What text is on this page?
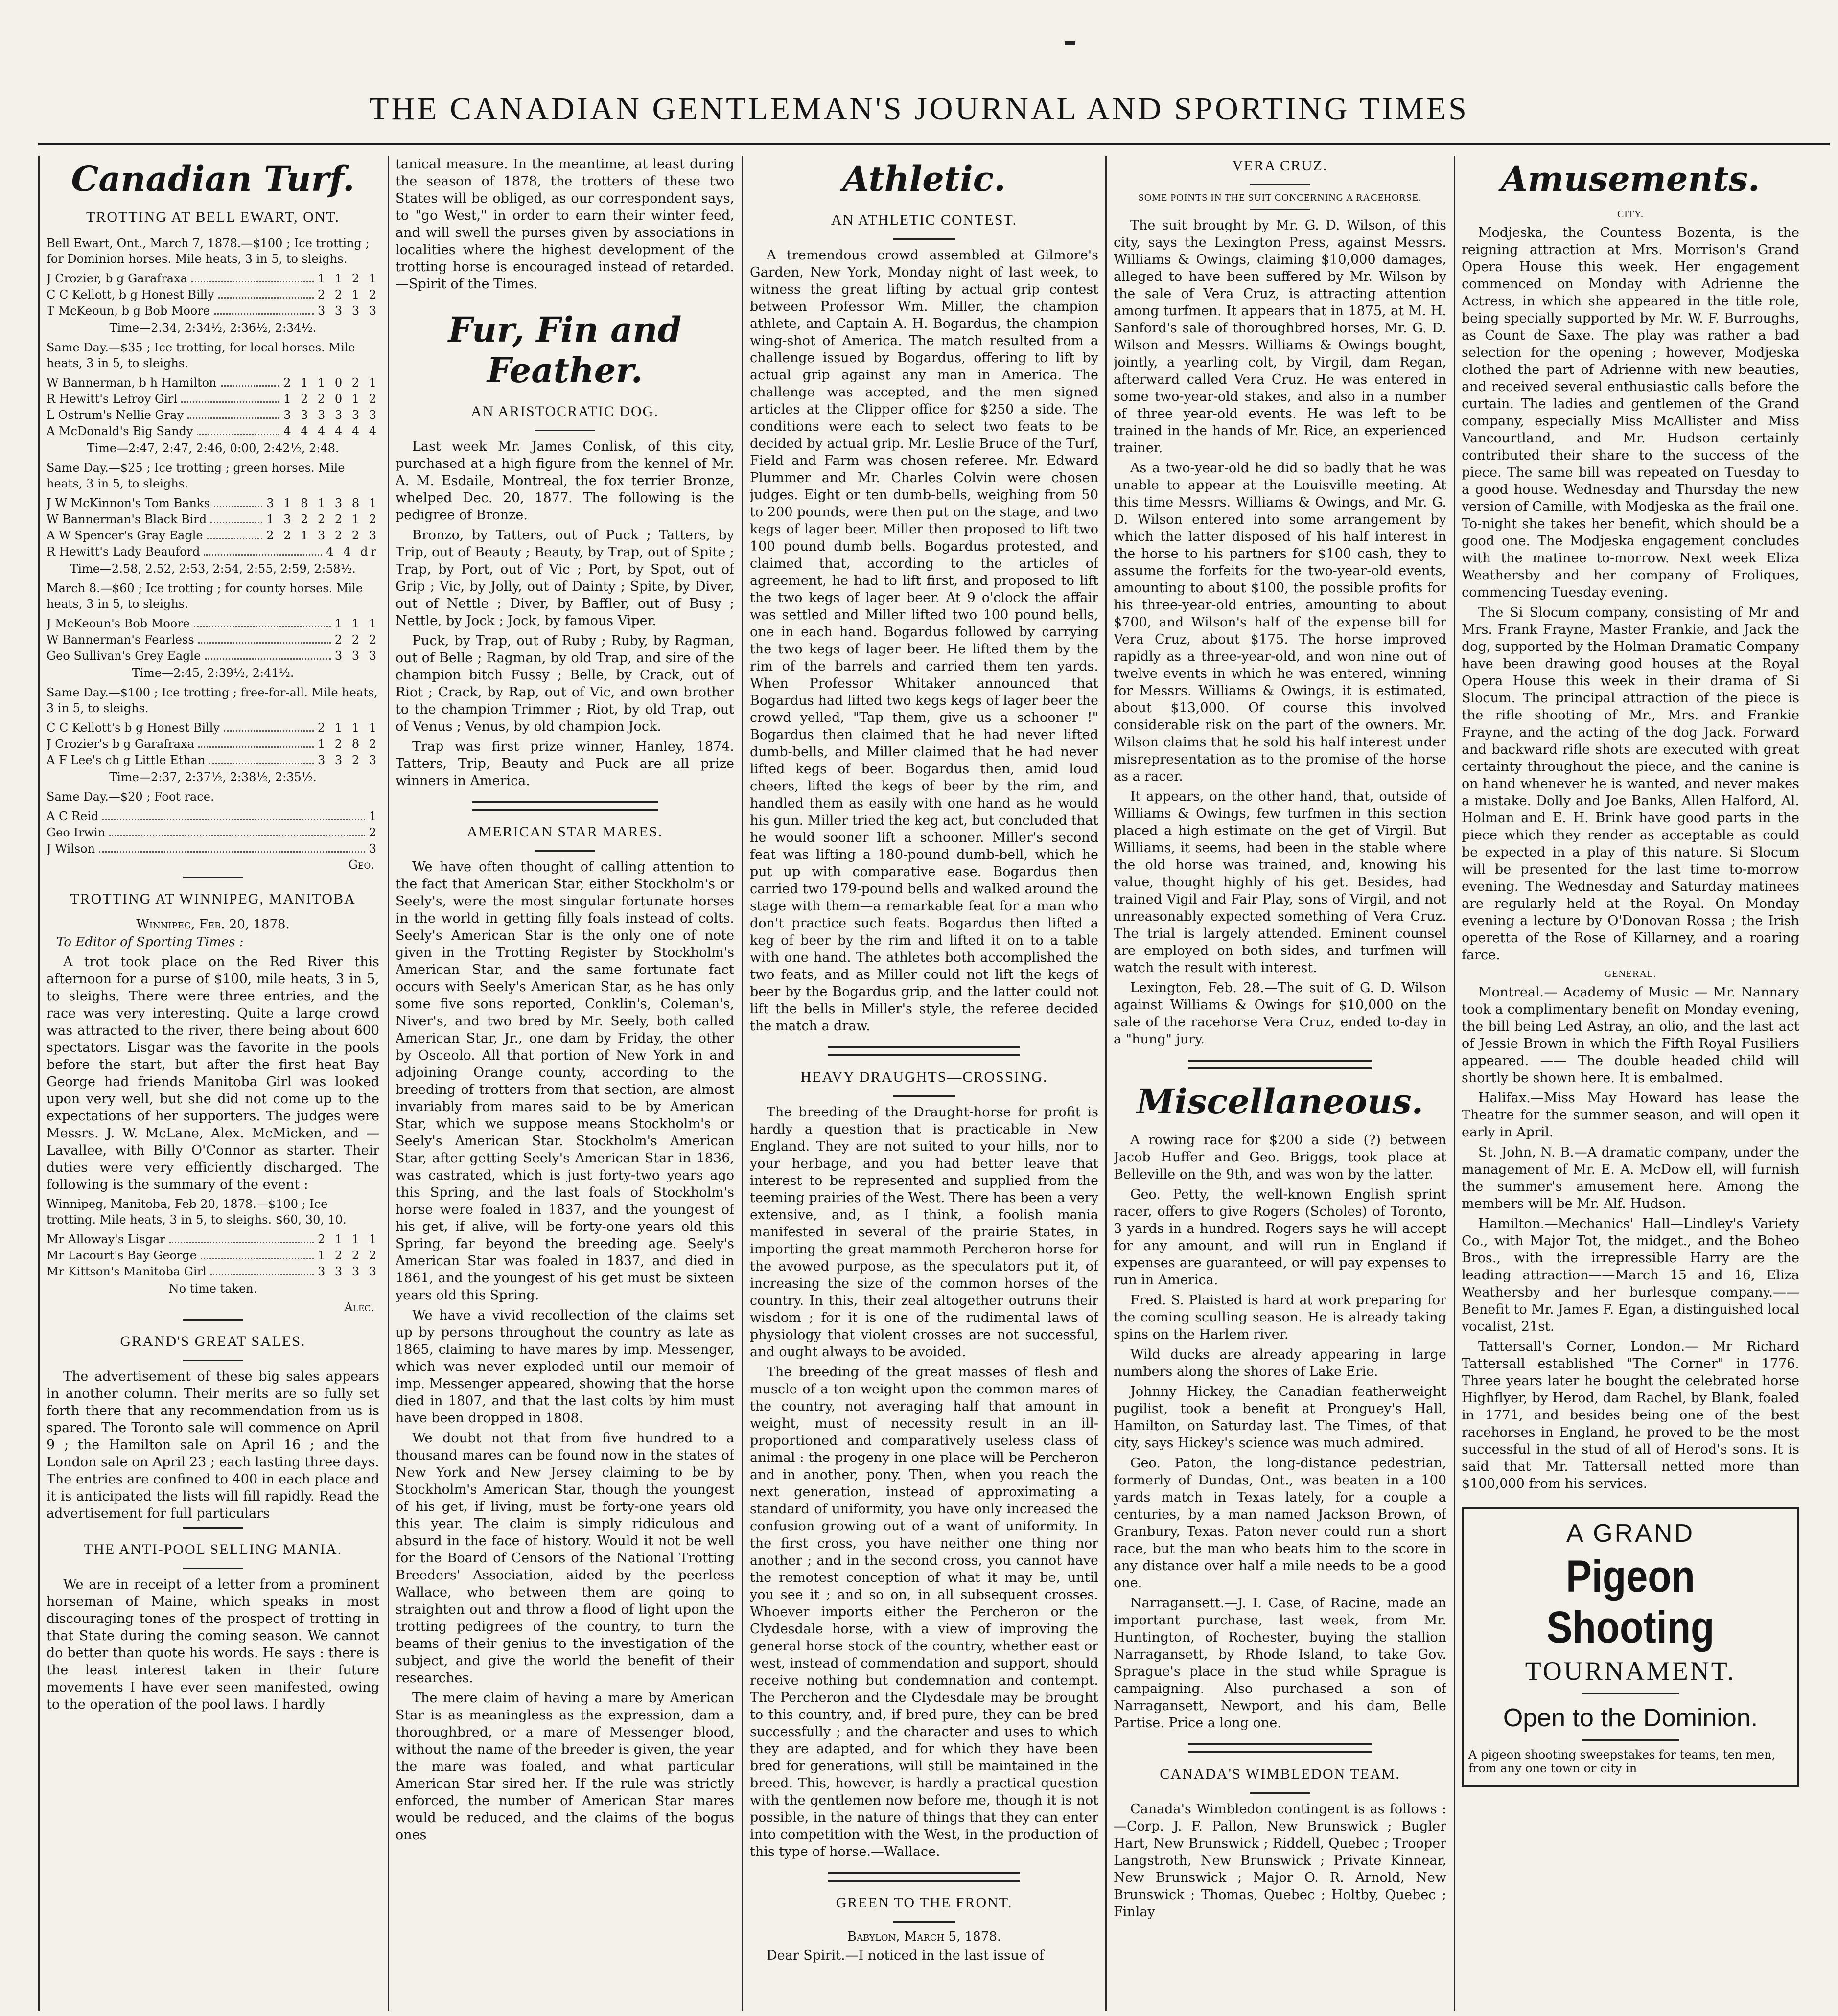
THE CANADIAN GENTLEMAN'S JOURNAL AND SPORTING TIMES
Canadian Turf.
TROTTING AT BELL EWART, ONT.
Bell Ewart, Ont., March 7, 1878.—$100 ; Ice trotting ; for Dominion horses. Mile heats, 3 in 5, to sleighs.
J Crozier, b g Garafraxa	1 1 2 1
C C Kellott, b g Honest Billy	2 2 1 2
T McKeoun, b g Bob Moore	3 3 3 3
Time—2.34, 2:34½, 2:36½, 2:34½.
Same Day.—$35 ; Ice trotting, for local horses. Mile heats, 3 in 5, to sleighs.
W Bannerman, b h Hamilton	2 1 1 0 2 1
R Hewitt's Lefroy Girl	1 2 2 0 1 2
L Ostrum's Nellie Gray	3 3 3 3 3 3
A McDonald's Big Sandy	4 4 4 4 4 4
Time—2:47, 2:47, 2:46, 0:00, 2:42½, 2:48.
Same Day.—$25 ; Ice trotting ; green horses. Mile heats, 3 in 5, to sleighs.
J W McKinnon's Tom Banks	3 1 8 1 3 8 1
W Bannerman's Black Bird	1 3 2 2 2 1 2
A W Spencer's Gray Eagle	2 2 1 3 2 2 3
R Hewitt's Lady Beauford	4 4 dr
Time—2.58, 2.52, 2:53, 2:54, 2:55, 2:59, 2:58½.
March 8.—$60 ; Ice trotting ; for county horses. Mile heats, 3 in 5, to sleighs.
J McKeoun's Bob Moore	1 1 1
W Bannerman's Fearless	2 2 2
Geo Sullivan's Grey Eagle	3 3 3
Time—2:45, 2:39½, 2:41½.
Same Day.—$100 ; Ice trotting ; free-for-all. Mile heats, 3 in 5, to sleighs.
C C Kellott's b g Honest Billy	2 1 1 1
J Crozier's b g Garafraxa	1 2 8 2
A F Lee's ch g Little Ethan	3 3 2 3
Time—2:37, 2:37½, 2:38½, 2:35½.
Same Day.—$20 ; Foot race.
A C Reid	1
Geo Irwin	2
J Wilson	3
Geo.
TROTTING AT WINNIPEG, MANITOBA
Winnipeg, Feb. 20, 1878.
To Editor of Sporting Times :

A trot took place on the Red River this afternoon for a purse of $100, mile heats, 3 in 5, to sleighs. There were three entries, and the race was very interesting. Quite a large crowd was attracted to the river, there being about 600 spectators. Lisgar was the favorite in the pools before the start, but after the first heat Bay George had friends Manitoba Girl was looked upon very well, but she did not come up to the expectations of her supporters. The judges were Messrs. J. W. McLane, Alex. McMicken, and — Lavallee, with Billy O'Connor as starter. Their duties were very efficiently discharged. The following is the summary of the event :

Winnipeg, Manitoba, Feb 20, 1878.—$100 ; Ice trotting. Mile heats, 3 in 5, to sleighs. $60, 30, 10.
Mr Alloway's Lisgar	2 1 1 1
Mr Lacourt's Bay George	1 2 2 2
Mr Kittson's Manitoba Girl	3 3 3 3
No time taken.
Alec.
GRAND'S GREAT SALES.

The advertisement of these big sales appears in another column. Their merits are so fully set forth there that any recommendation from us is spared. The Toronto sale will commence on April 9 ; the Hamilton sale on April 16 ; and the London sale on April 23 ; each lasting three days. The entries are confined to 400 in each place and it is anticipated the lists will fill rapidly. Read the advertisement for full particulars

THE ANTI-POOL SELLING MANIA.

We are in receipt of a letter from a prominent horseman of Maine, which speaks in most discouraging tones of the prospect of trotting in that State during the coming season. We cannot do better than quote his words. He says : there is the least interest taken in their future movements I have ever seen manifested, owing to the operation of the pool laws. I hardly

tanical measure. In the meantime, at least during the season of 1878, the trotters of these two States will be obliged, as our correspondent says, to "go West," in order to earn their winter feed, and will swell the purses given by associations in localities where the highest development of the trotting horse is encouraged instead of retarded.—Spirit of the Times.

Fur, Fin and Feather.
AN ARISTOCRATIC DOG.

Last week Mr. James Conlisk, of this city, purchased at a high figure from the kennel of Mr. A. M. Esdaile, Montreal, the fox terrier Bronze, whelped Dec. 20, 1877. The following is the pedigree of Bronze.

Bronzo, by Tatters, out of Puck ; Tatters, by Trip, out of Beauty ; Beauty, by Trap, out of Spite ; Trap, by Port, out of Vic ; Port, by Spot, out of Grip ; Vic, by Jolly, out of Dainty ; Spite, by Diver, out of Nettle ; Diver, by Baffler, out of Busy ; Nettle, by Jock ; Jock, by famous Viper.

Puck, by Trap, out of Ruby ; Ruby, by Ragman, out of Belle ; Ragman, by old Trap, and sire of the champion bitch Fussy ; Belle, by Crack, out of Riot ; Crack, by Rap, out of Vic, and own brother to the champion Trimmer ; Riot, by old Trap, out of Venus ; Venus, by old champion Jock.

Trap was first prize winner, Hanley, 1874. Tatters, Trip, Beauty and Puck are all prize winners in America.

AMERICAN STAR MARES.

We have often thought of calling attention to the fact that American Star, either Stockholm's or Seely's, were the most singular fortunate horses in the world in getting filly foals instead of colts. Seely's American Star is the only one of note given in the Trotting Register by Stockholm's American Star, and the same fortunate fact occurs with Seely's American Star, as he has only some five sons reported, Conklin's, Coleman's, Niver's, and two bred by Mr. Seely, both called American Star, Jr., one dam by Friday, the other by Osceolo. All that portion of New York in and adjoining Orange county, according to the breeding of trotters from that section, are almost invariably from mares said to be by American Star, which we suppose means Stockholm's or Seely's American Star. Stockholm's American Star, after getting Seely's American Star in 1836, was castrated, which is just forty-two years ago this Spring, and the last foals of Stockholm's horse were foaled in 1837, and the youngest of his get, if alive, will be forty-one years old this Spring, far beyond the breeding age. Seely's American Star was foaled in 1837, and died in 1861, and the youngest of his get must be sixteen years old this Spring.

We have a vivid recollection of the claims set up by persons throughout the country as late as 1865, claiming to have mares by imp. Messenger, which was never exploded until our memoir of imp. Messenger appeared, showing that the horse died in 1807, and that the last colts by him must have been dropped in 1808.

We doubt not that from five hundred to a thousand mares can be found now in the states of New York and New Jersey claiming to be by Stockholm's American Star, though the youngest of his get, if living, must be forty-one years old this year. The claim is simply ridiculous and absurd in the face of history. Would it not be well for the Board of Censors of the National Trotting Breeders' Association, aided by the peerless Wallace, who between them are going to straighten out and throw a flood of light upon the trotting pedigrees of the country, to turn the beams of their genius to the investigation of the subject, and give the world the benefit of their researches.

The mere claim of having a mare by American Star is as meaningless as the expression, dam a thoroughbred, or a mare of Messenger blood, without the name of the breeder is given, the year the mare was foaled, and what particular American Star sired her. If the rule was strictly enforced, the number of American Star mares would be reduced, and the claims of the bogus ones

Athletic.
AN ATHLETIC CONTEST.

A tremendous crowd assembled at Gilmore's Garden, New York, Monday night of last week, to witness the great lifting by actual grip contest between Professor Wm. Miller, the champion athlete, and Captain A. H. Bogardus, the champion wing-shot of America. The match resulted from a challenge issued by Bogardus, offering to lift by actual grip against any man in America. The challenge was accepted, and the men signed articles at the Clipper office for $250 a side. The conditions were each to select two feats to be decided by actual grip. Mr. Leslie Bruce of the Turf, Field and Farm was chosen referee. Mr. Edward Plummer and Mr. Charles Colvin were chosen judges. Eight or ten dumb-bells, weighing from 50 to 200 pounds, were then put on the stage, and two kegs of lager beer. Miller then proposed to lift two 100 pound dumb bells. Bogardus protested, and claimed that, according to the articles of agreement, he had to lift first, and proposed to lift the two kegs of lager beer. At 9 o'clock the affair was settled and Miller lifted two 100 pound bells, one in each hand. Bogardus followed by carrying the two kegs of lager beer. He lifted them by the rim of the barrels and carried them ten yards. When Professor Whitaker announced that Bogardus had lifted two kegs kegs of lager beer the crowd yelled, "Tap them, give us a schooner !" Bogardus then claimed that he had never lifted dumb-bells, and Miller claimed that he had never lifted kegs of beer. Bogardus then, amid loud cheers, lifted the kegs of beer by the rim, and handled them as easily with one hand as he would his gun. Miller tried the keg act, but concluded that he would sooner lift a schooner. Miller's second feat was lifting a 180-pound dumb-bell, which he put up with comparative ease. Bogardus then carried two 179-pound bells and walked around the stage with them—a remarkable feat for a man who don't practice such feats. Bogardus then lifted a keg of beer by the rim and lifted it on to a table with one hand. The athletes both accomplished the two feats, and as Miller could not lift the kegs of beer by the Bogardus grip, and the latter could not lift the bells in Miller's style, the referee decided the match a draw.

HEAVY DRAUGHTS—CROSSING.

The breeding of the Draught-horse for profit is hardly a question that is practicable in New England. They are not suited to your hills, nor to your herbage, and you had better leave that interest to be represented and supplied from the teeming prairies of the West. There has been a very extensive, and, as I think, a foolish mania manifested in several of the prairie States, in importing the great mammoth Percheron horse for the avowed purpose, as the speculators put it, of increasing the size of the common horses of the country. In this, their zeal altogether outruns their wisdom ; for it is one of the rudimental laws of physiology that violent crosses are not successful, and ought always to be avoided.

The breeding of the great masses of flesh and muscle of a ton weight upon the common mares of the country, not averaging half that amount in weight, must of necessity result in an ill-proportioned and comparatively useless class of animal : the progeny in one place will be Percheron and in another, pony. Then, when you reach the next generation, instead of approximating a standard of uniformity, you have only increased the confusion growing out of a want of uniformity. In the first cross, you have neither one thing nor another ; and in the second cross, you cannot have the remotest conception of what it may be, until you see it ; and so on, in all subsequent crosses. Whoever imports either the Percheron or the Clydesdale horse, with a view of improving the general horse stock of the country, whether east or west, instead of commendation and support, should receive nothing but condemnation and contempt. The Percheron and the Clydesdale may be brought to this country, and, if bred pure, they can be bred successfully ; and the character and uses to which they are adapted, and for which they have been bred for generations, will still be maintained in the breed. This, however, is hardly a practical question with the gentlemen now before me, though it is not possible, in the nature of things that they can enter into competition with the West, in the production of this type of horse.—Wallace.

GREEN TO THE FRONT.
Babylon, March 5, 1878.

Dear Spirit.—I noticed in the last issue of

VERA CRUZ.
SOME POINTS IN THE SUIT CONCERNING A RACEHORSE.

The suit brought by Mr. G. D. Wilson, of this city, says the Lexington Press, against Messrs. Williams & Owings, claiming $10,000 damages, alleged to have been suffered by Mr. Wilson by the sale of Vera Cruz, is attracting attention among turfmen. It appears that in 1875, at M. H. Sanford's sale of thoroughbred horses, Mr. G. D. Wilson and Messrs. Williams & Owings bought, jointly, a yearling colt, by Virgil, dam Regan, afterward called Vera Cruz. He was entered in some two-year-old stakes, and also in a number of three year-old events. He was left to be trained in the hands of Mr. Rice, an experienced trainer.

As a two-year-old he did so badly that he was unable to appear at the Louisville meeting. At this time Messrs. Williams & Owings, and Mr. G. D. Wilson entered into some arrangement by which the latter disposed of his half interest in the horse to his partners for $100 cash, they to assume the forfeits for the two-year-old events, amounting to about $100, the possible profits for his three-year-old entries, amounting to about $700, and Wilson's half of the expense bill for Vera Cruz, about $175. The horse improved rapidly as a three-year-old, and won nine out of twelve events in which he was entered, winning for Messrs. Williams & Owings, it is estimated, about $13,000. Of course this involved considerable risk on the part of the owners. Mr. Wilson claims that he sold his half interest under misrepresentation as to the promise of the horse as a racer.

It appears, on the other hand, that, outside of Williams & Owings, few turfmen in this section placed a high estimate on the get of Virgil. But Williams, it seems, had been in the stable where the old horse was trained, and, knowing his value, thought highly of his get. Besides, had trained Vigil and Fair Play, sons of Virgil, and not unreasonably expected something of Vera Cruz. The trial is largely attended. Eminent counsel are employed on both sides, and turfmen will watch the result with interest.

Lexington, Feb. 28.—The suit of G. D. Wilson against Williams & Owings for $10,000 on the sale of the racehorse Vera Cruz, ended to-day in a "hung" jury.

Miscellaneous.

A rowing race for $200 a side (?) between Jacob Huffer and Geo. Briggs, took place at Belleville on the 9th, and was won by the latter.

Geo. Petty, the well-known English sprint racer, offers to give Rogers (Scholes) of Toronto, 3 yards in a hundred. Rogers says he will accept for any amount, and will run in England if expenses are guaranteed, or will pay expenses to run in America.

Fred. S. Plaisted is hard at work preparing for the coming sculling season. He is already taking spins on the Harlem river.

Wild ducks are already appearing in large numbers along the shores of Lake Erie.

Johnny Hickey, the Canadian featherweight pugilist, took a benefit at Pronguey's Hall, Hamilton, on Saturday last. The Times, of that city, says Hickey's science was much admired.

Geo. Paton, the long-distance pedestrian, formerly of Dundas, Ont., was beaten in a 100 yards match in Texas lately, for a couple a centuries, by a man named Jackson Brown, of Granbury, Texas. Paton never could run a short race, but the man who beats him to the score in any distance over half a mile needs to be a good one.

Narragansett.—J. I. Case, of Racine, made an important purchase, last week, from Mr. Huntington, of Rochester, buying the stallion Narragansett, by Rhode Island, to take Gov. Sprague's place in the stud while Sprague is campaigning. Also purchased a son of Narragansett, Newport, and his dam, Belle Partise. Price a long one.

CANADA'S WIMBLEDON TEAM.

Canada's Wimbledon contingent is as follows :—Corp. J. F. Pallon, New Brunswick ; Bugler Hart, New Brunswick ; Riddell, Quebec ; Trooper Langstroth, New Brunswick ; Private Kinnear, New Brunswick ; Major O. R. Arnold, New Brunswick ; Thomas, Quebec ; Holtby, Quebec ; Finlay

Amusements.
CITY.

Modjeska, the Countess Bozenta, is the reigning attraction at Mrs. Morrison's Grand Opera House this week. Her engagement commenced on Monday with Adrienne the Actress, in which she appeared in the title role, being specially supported by Mr. W. F. Burroughs, as Count de Saxe. The play was rather a bad selection for the opening ; however, Modjeska clothed the part of Adrienne with new beauties, and received several enthusiastic calls before the curtain. The ladies and gentlemen of the Grand company, especially Miss McAllister and Miss Vancourtland, and Mr. Hudson certainly contributed their share to the success of the piece. The same bill was repeated on Tuesday to a good house. Wednesday and Thursday the new version of Camille, with Modjeska as the frail one. To-night she takes her benefit, which should be a good one. The Modjeska engagement concludes with the matinee to-morrow. Next week Eliza Weathersby and her company of Froliques, commencing Tuesday evening.

The Si Slocum company, consisting of Mr and Mrs. Frank Frayne, Master Frankie, and Jack the dog, supported by the Holman Dramatic Company have been drawing good houses at the Royal Opera House this week in their drama of Si Slocum. The principal attraction of the piece is the rifle shooting of Mr., Mrs. and Frankie Frayne, and the acting of the dog Jack. Forward and backward rifle shots are executed with great certainty throughout the piece, and the canine is on hand whenever he is wanted, and never makes a mistake. Dolly and Joe Banks, Allen Halford, Al. Holman and E. H. Brink have good parts in the piece which they render as acceptable as could be expected in a play of this nature. Si Slocum will be presented for the last time to-morrow evening. The Wednesday and Saturday matinees are regularly held at the Royal. On Monday evening a lecture by O'Donovan Rossa ; the Irish operetta of the Rose of Killarney, and a roaring farce.

GENERAL.

Montreal.— Academy of Music — Mr. Nannary took a complimentary benefit on Monday evening, the bill being Led Astray, an olio, and the last act of Jessie Brown in which the Fifth Royal Fusiliers appeared. —— The double headed child will shortly be shown here. It is embalmed.

Halifax.—Miss May Howard has lease the Theatre for the summer season, and will open it early in April.

St. John, N. B.—A dramatic company, under the management of Mr. E. A. McDow ell, will furnish the summer's amusement here. Among the members will be Mr. Alf. Hudson.

Hamilton.—Mechanics' Hall—Lindley's Variety Co., with Major Tot, the midget., and the Boheo Bros., with the irrepressible Harry are the leading attraction——March 15 and 16, Eliza Weathersby and her burlesque company.——Benefit to Mr. James F. Egan, a distinguished local vocalist, 21st.

Tattersall's Corner, London.— Mr Richard Tattersall established "The Corner" in 1776. Three years later he bought the celebrated horse Highflyer, by Herod, dam Rachel, by Blank, foaled in 1771, and besides being one of the best racehorses in England, he proved to be the most successful in the stud of all of Herod's sons. It is said that Mr. Tattersall netted more than $100,000 from his services.

A GRAND
Pigeon Shooting
TOURNAMENT.
Open to the Dominion.
A pigeon shooting sweepstakes for teams, ten men, from any one town or city in
